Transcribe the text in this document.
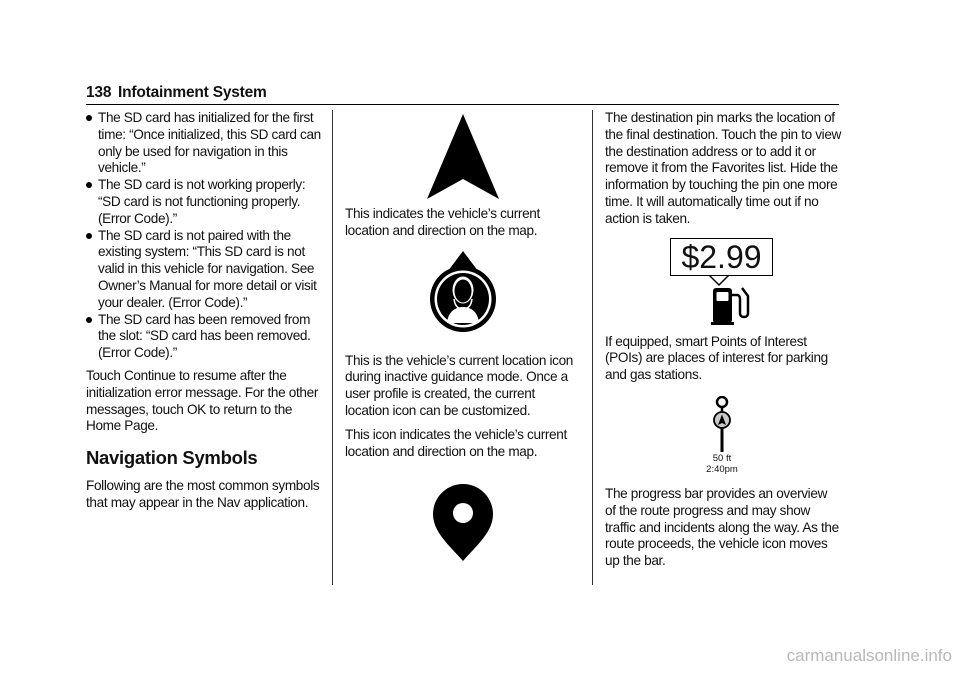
138 Infotainment System
The SD card has initialized for the first time: “Once initialized, this SD card can only be used for navigation in this vehicle.”
The SD card is not working properly: “SD card is not functioning properly. (Error Code).”
The SD card is not paired with the existing system: “This SD card is not valid in this vehicle for navigation. See Owner’s Manual for more detail or visit your dealer. (Error Code).”
The SD card has been removed from the slot: “SD card has been removed. (Error Code).”

Touch Continue to resume after the initialization error message. For the other messages, touch OK to return to the Home Page.

Navigation Symbols

Following are the most common symbols that may appear in the Nav application.

This indicates the vehicle’s current location and direction on the map.

This is the vehicle’s current location icon during inactive guidance mode. Once a user profile is created, the current location icon can be customized.

This icon indicates the vehicle’s current location and direction on the map.

The destination pin marks the location of the final destination. Touch the pin to view the destination address or to add it or remove it from the Favorites list. Hide the information by touching the pin one more time. It will automatically time out if no action is taken.

$2.99

If equipped, smart Points of Interest (POIs) are places of interest for parking and gas stations.

50 ft
2:40pm

The progress bar provides an overview of the route progress and may show traffic and incidents along the way. As the route proceeds, the vehicle icon moves up the bar.

carmanualsonline.info
